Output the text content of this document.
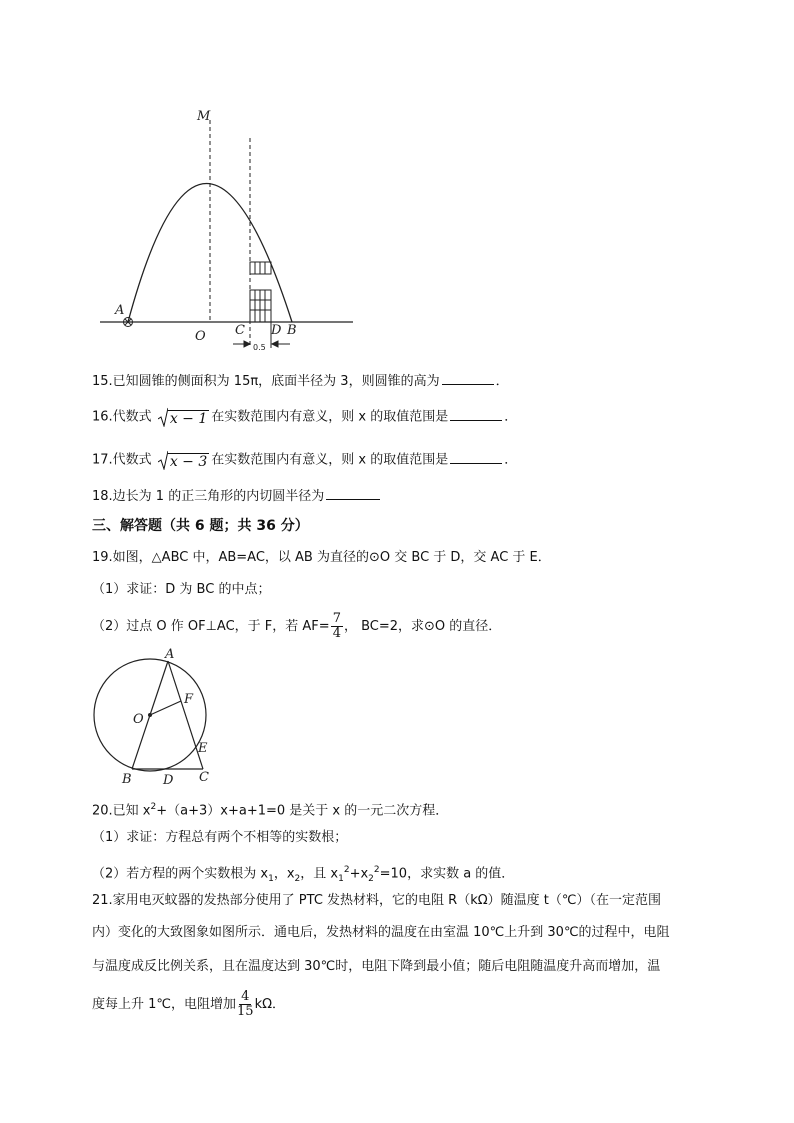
M
A
O C D B
0.5
15.已知圆锥的侧面积为 15π，底面半径为 3，则圆锥的高为	．
16.代数式 x − 1 在实数范围内有意义，则 x 的取值范围是	．
17.代数式 x − 3 在实数范围内有意义，则 x 的取值范围是	．
18.边长为 1 的正三角形的内切圆半径为
三、解答题（共 6 题；共 36 分）
19.如图，△ABC 中，AB=AC，以 AB 为直径的⊙O 交 BC 于 D，交 AC 于 E．
（1）求证：D 为 BC 的中点；
（2）过点 O 作 OF⊥AC，于 F，若 $AF= \frac{7}{4}$ ， BC=2，求⊙O 的直径．
A
O
F
E
B D C
20.已知 $x^2+(a+3)x+a+1=0$ 是关于 x 的一元二次方程．
（1）求证：方程总有两个不相等的实数根；
（2）若方程的两个实数根为 $x_1$，$x_2$，且 $x_1^2+x_2^2=10$，求实数 a 的值．
21.家用电灭蚊器的发热部分使用了 PTC 发热材料，它的电阻 R（kΩ）随温度 t（℃）（在一定范围
内）变化的大致图象如图所示．通电后，发热材料的温度在由室温 10℃上升到 30℃的过程中，电阻
与温度成反比例关系，且在温度达到 30℃时，电阻下降到最小值；随后电阻随温度升高而增加，温
度每上升 1℃，电阻增加 $\frac{4}{15}$ kΩ．
